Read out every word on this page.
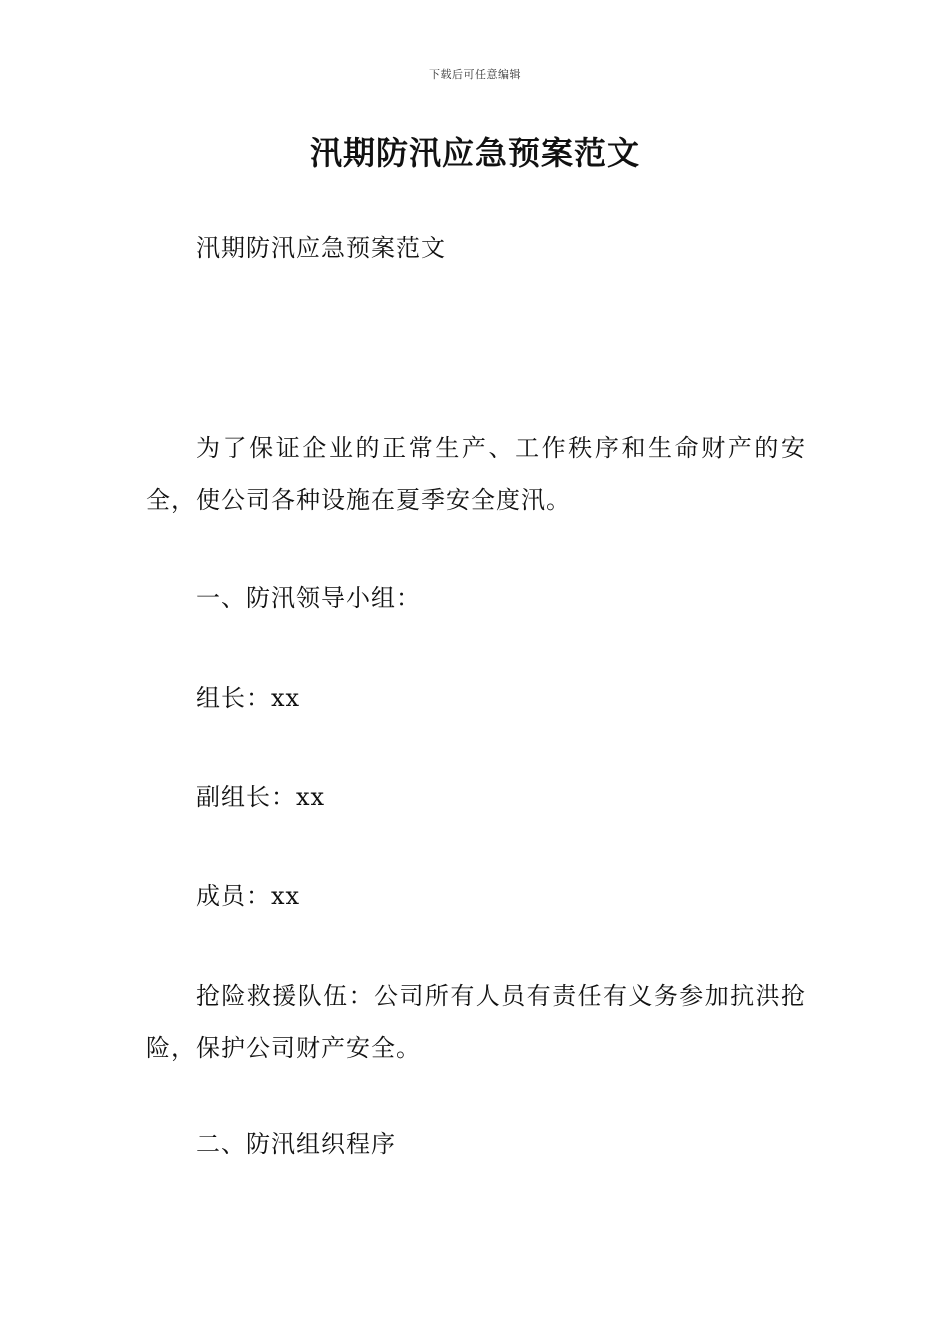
下载后可任意编辑
汛期防汛应急预案范文

汛期防汛应急预案范文

为了保证企业的正常生产、工作秩序和生命财产的安全，使公司各种设施在夏季安全度汛。

一、防汛领导小组：

组长：xx

副组长：xx

成员：xx

抢险救援队伍：公司所有人员有责任有义务参加抗洪抢险，保护公司财产安全。

二、防汛组织程序
